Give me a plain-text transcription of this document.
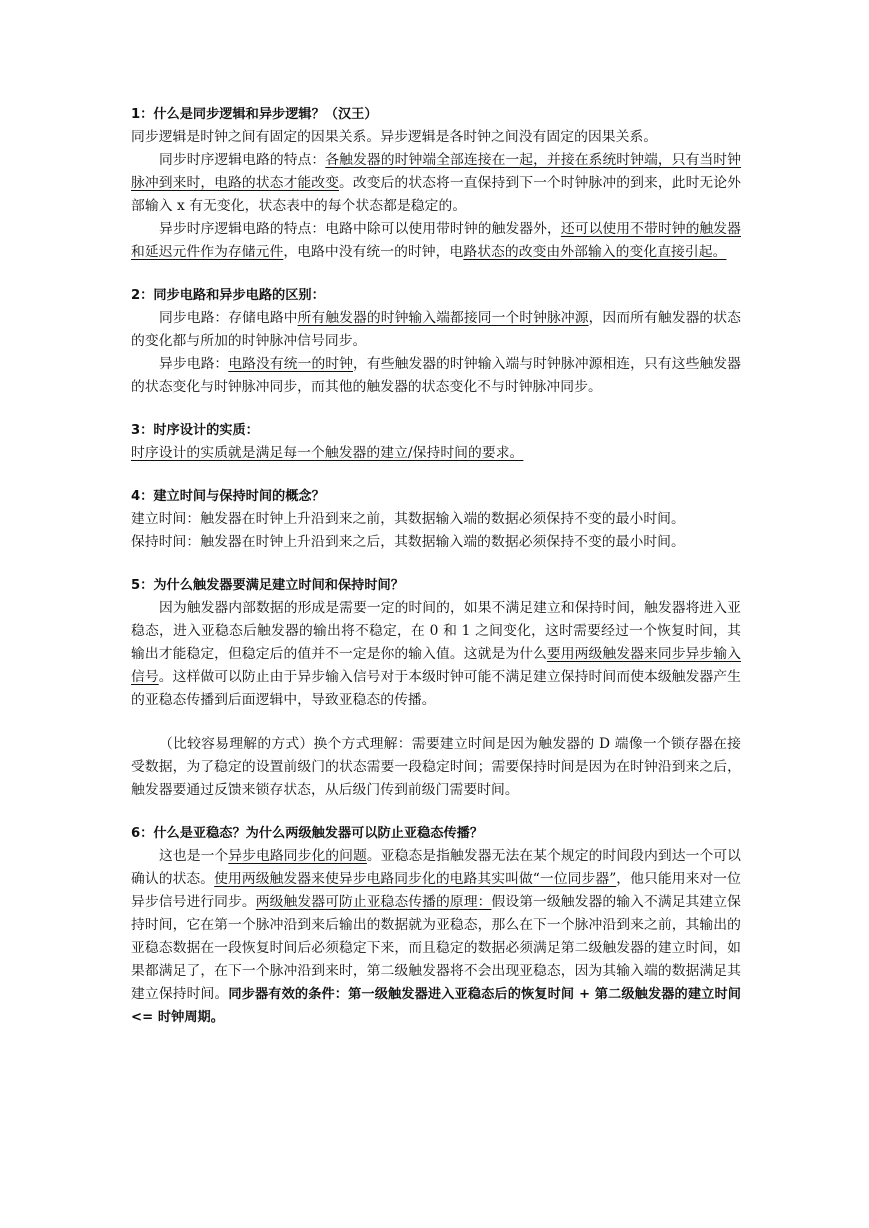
1：什么是同步逻辑和异步逻辑？（汉王）

同步逻辑是时钟之间有固定的因果关系。异步逻辑是各时钟之间没有固定的因果关系。

同步时序逻辑电路的特点：各触发器的时钟端全部连接在一起，并接在系统时钟端，只有当时钟脉冲到来时，电路的状态才能改变。改变后的状态将一直保持到下一个时钟脉冲的到来，此时无论外部输入 x 有无变化，状态表中的每个状态都是稳定的。

异步时序逻辑电路的特点：电路中除可以使用带时钟的触发器外，还可以使用不带时钟的触发器和延迟元件作为存储元件，电路中没有统一的时钟，电路状态的改变由外部输入的变化直接引起。

2：同步电路和异步电路的区别：

同步电路：存储电路中所有触发器的时钟输入端都接同一个时钟脉冲源，因而所有触发器的状态的变化都与所加的时钟脉冲信号同步。

异步电路：电路没有统一的时钟，有些触发器的时钟输入端与时钟脉冲源相连，只有这些触发器的状态变化与时钟脉冲同步，而其他的触发器的状态变化不与时钟脉冲同步。

3：时序设计的实质：

时序设计的实质就是满足每一个触发器的建立/保持时间的要求。

4：建立时间与保持时间的概念？

建立时间：触发器在时钟上升沿到来之前，其数据输入端的数据必须保持不变的最小时间。

保持时间：触发器在时钟上升沿到来之后，其数据输入端的数据必须保持不变的最小时间。

5：为什么触发器要满足建立时间和保持时间？

因为触发器内部数据的形成是需要一定的时间的，如果不满足建立和保持时间，触发器将进入亚稳态，进入亚稳态后触发器的输出将不稳定，在 0 和 1 之间变化，这时需要经过一个恢复时间，其输出才能稳定，但稳定后的值并不一定是你的输入值。这就是为什么要用两级触发器来同步异步输入信号。这样做可以防止由于异步输入信号对于本级时钟可能不满足建立保持时间而使本级触发器产生的亚稳态传播到后面逻辑中，导致亚稳态的传播。

（比较容易理解的方式）换个方式理解：需要建立时间是因为触发器的 D 端像一个锁存器在接受数据，为了稳定的设置前级门的状态需要一段稳定时间；需要保持时间是因为在时钟沿到来之后，触发器要通过反馈来锁存状态，从后级门传到前级门需要时间。

6：什么是亚稳态？为什么两级触发器可以防止亚稳态传播？

这也是一个异步电路同步化的问题。亚稳态是指触发器无法在某个规定的时间段内到达一个可以确认的状态。使用两级触发器来使异步电路同步化的电路其实叫做“一位同步器”，他只能用来对一位异步信号进行同步。两级触发器可防止亚稳态传播的原理：假设第一级触发器的输入不满足其建立保持时间，它在第一个脉冲沿到来后输出的数据就为亚稳态，那么在下一个脉冲沿到来之前，其输出的亚稳态数据在一段恢复时间后必须稳定下来，而且稳定的数据必须满足第二级触发器的建立时间，如果都满足了，在下一个脉冲沿到来时，第二级触发器将不会出现亚稳态，因为其输入端的数据满足其建立保持时间。同步器有效的条件：第一级触发器进入亚稳态后的恢复时间 + 第二级触发器的建立时间 <= 时钟周期。
